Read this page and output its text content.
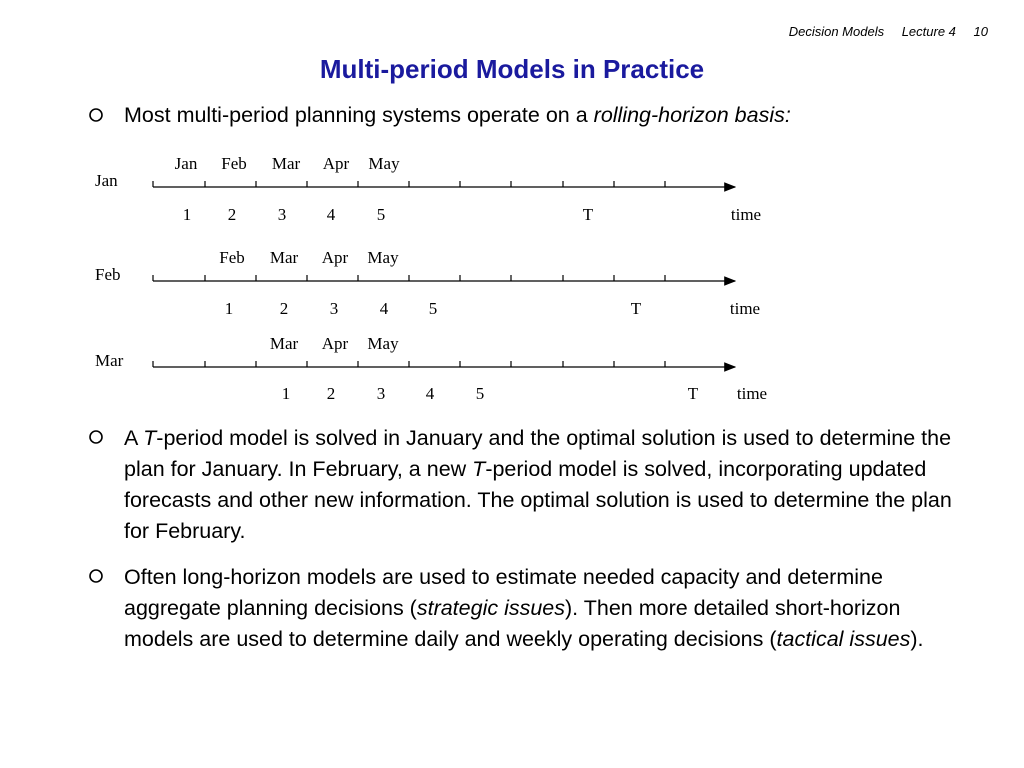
Decision Models Lecture 4 10
Multi-period Models in Practice
Most multi-period planning systems operate on a rolling-horizon basis:
Jan
Jan Feb Mar Apr May
1 2 3 4 5	T	time
Feb
Feb Mar Apr May
1	2 3 4 5	T	time
Mar
Mar Apr May
1 2 3 4 5	T time
A T-period model is solved in January and the optimal solution is used to determine the plan for January. In February, a new T-period model is solved, incorporating updated forecasts and other new information. The optimal solution is used to determine the plan for February.
Often long-horizon models are used to estimate needed capacity and determine aggregate planning decisions (strategic issues). Then more detailed short-horizon models are used to determine daily and weekly operating decisions (tactical issues).
